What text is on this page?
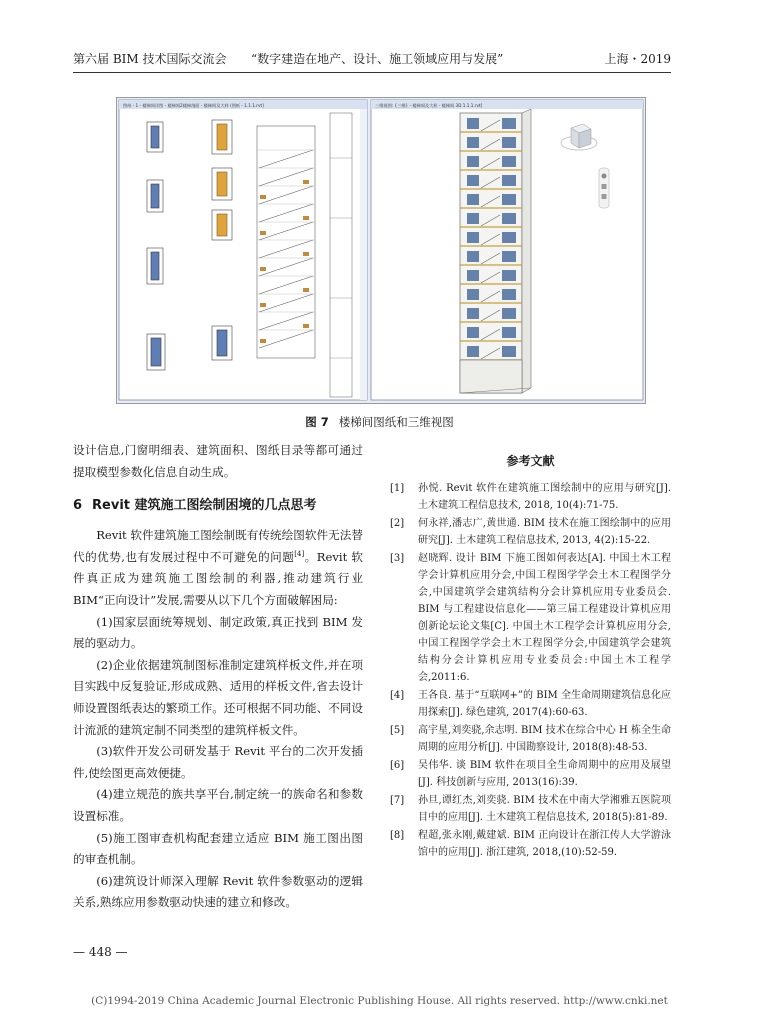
第六届 BIM 技术国际交流会 “数字建造在地产、设计、施工领域应用与发展”	上海・2019
图纸 - 1 - 楼梯间详图 - 楼梯间2楼梯剖面 - 楼梯间及大样 (图纸 - 1.1.1.rvt]	三维视图: {三维} - 楼梯间及大样 - 楼梯间 3D 1.1.1.rvt]
图 7 楼梯间图纸和三维视图

设计信息,门窗明细表、建筑面积、图纸目录等都可通过提取模型参数化信息自动生成。

6 Revit 建筑施工图绘制困境的几点思考

Revit 软件建筑施工图绘制既有传统绘图软件无法替代的优势,也有发展过程中不可避免的问题[4]。Revit 软件真正成为建筑施工图绘制的利器,推动建筑行业 BIM“正向设计”发展,需要从以下几个方面破解困局:

(1)国家层面统筹规划、制定政策,真正找到 BIM 发展的驱动力。

(2)企业依据建筑制图标准制定建筑样板文件,并在项目实践中反复验证,形成成熟、适用的样板文件,省去设计师设置图纸表达的繁琐工作。还可根据不同功能、不同设计流派的建筑定制不同类型的建筑样板文件。

(3)软件开发公司研发基于 Revit 平台的二次开发插件,使绘图更高效便捷。

(4)建立规范的族共享平台,制定统一的族命名和参数设置标准。

(5)施工图审查机构配套建立适应 BIM 施工图出图的审查机制。

(6)建筑设计师深入理解 Revit 软件参数驱动的逻辑关系,熟练应用参数驱动快速的建立和修改。

参考文献
[1]	孙悦. Revit 软件在建筑施工图绘制中的应用与研究[J]. 土木建筑工程信息技术, 2018, 10(4):71-75.
[2]	何永祥,潘志广,黄世通. BIM 技术在施工图绘制中的应用研究[J]. 土木建筑工程信息技术, 2013, 4(2):15-22.
[3]	赵晓辉. 设计 BIM 下施工图如何表达[A]. 中国土木工程学会计算机应用分会,中国工程图学学会土木工程图学分会,中国建筑学会建筑结构分会计算机应用专业委员会. BIM 与工程建设信息化——第三届工程建设计算机应用创新论坛论文集[C]. 中国土木工程学会计算机应用分会,中国工程图学学会土木工程图学分会,中国建筑学会建筑结构分会计算机应用专业委员会:中国土木工程学会,2011:6.
[4]	王各良. 基于“互联网+”的 BIM 全生命周期建筑信息化应用探索[J]. 绿色建筑, 2017(4):60-63.
[5]	高宇星,刘奕骁,余志明. BIM 技术在综合中心 H 栋全生命周期的应用分析[J]. 中国勘察设计, 2018(8):48-53.
[6]	吴伟华. 谈 BIM 软件在项目全生命周期中的应用及展望[J]. 科技创新与应用, 2013(16):39.
[7]	孙旦,谭红杰,刘奕骁. BIM 技术在中南大学湘雅五医院项目中的应用[J]. 土木建筑工程信息技术, 2018(5):81-89.
[8]	程超,张永刚,戴建斌. BIM 正向设计在浙江传人大学游泳馆中的应用[J]. 浙江建筑, 2018,(10):52-59.
— 448 —
(C)1994-2019 China Academic Journal Electronic Publishing House. All rights reserved. http://www.cnki.net
